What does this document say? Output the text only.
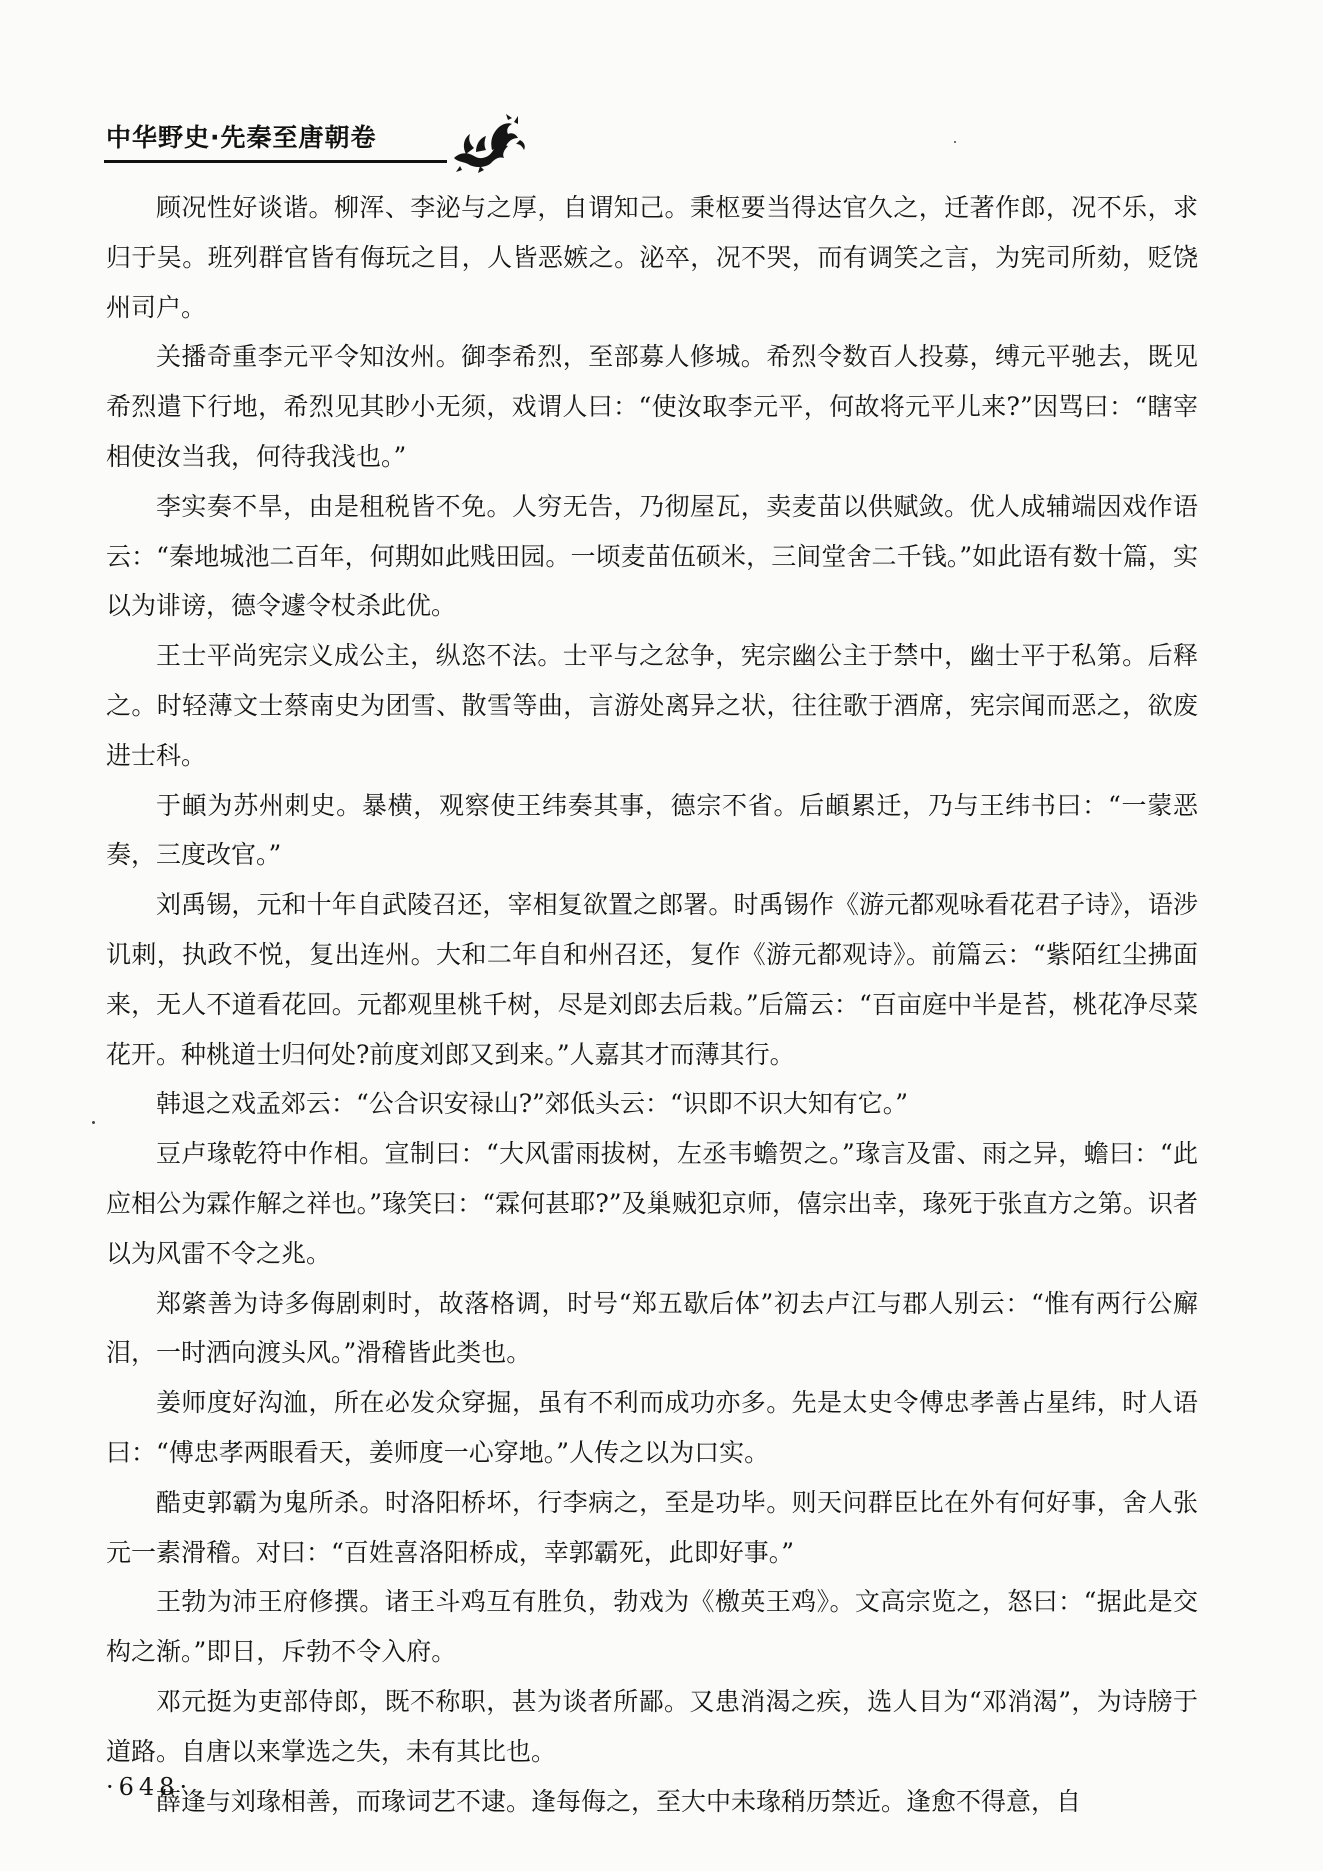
中华野史·先秦至唐朝卷

顾况性好谈谐。柳浑、李泌与之厚，自谓知己。秉枢要当得达官久之，迁著作郎，况不乐，求归于吴。班列群官皆有侮玩之目，人皆恶嫉之。泌卒，况不哭，而有调笑之言，为宪司所劾，贬饶州司户。

关播奇重李元平令知汝州。御李希烈，至部募人修城。希烈令数百人投募，缚元平驰去，既见希烈遣下行地，希烈见其眇小无须，戏谓人曰：“使汝取李元平，何故将元平儿来?”因骂曰：“瞎宰相使汝当我，何待我浅也。”

李实奏不旱，由是租税皆不免。人穷无告，乃彻屋瓦，卖麦苗以供赋敛。优人成辅端因戏作语云：“秦地城池二百年，何期如此贱田园。一顷麦苗伍硕米，三间堂舍二千钱。”如此语有数十篇，实以为诽谤，德令遽令杖杀此优。

王士平尚宪宗义成公主，纵恣不法。士平与之忿争，宪宗幽公主于禁中，幽士平于私第。后释之。时轻薄文士蔡南史为团雪、散雪等曲，言游处离异之状，往往歌于酒席，宪宗闻而恶之，欲废进士科。

于頔为苏州刺史。暴横，观察使王纬奏其事，德宗不省。后頔累迁，乃与王纬书曰：“一蒙恶奏，三度改官。”

刘禹锡，元和十年自武陵召还，宰相复欲置之郎署。时禹锡作《游元都观咏看花君子诗》，语涉讥刺，执政不悦，复出连州。大和二年自和州召还，复作《游元都观诗》。前篇云：“紫陌红尘拂面来，无人不道看花回。元都观里桃千树，尽是刘郎去后栽。”后篇云：“百亩庭中半是苔，桃花净尽菜花开。种桃道士归何处?前度刘郎又到来。”人嘉其才而薄其行。

韩退之戏孟郊云：“公合识安禄山?”郊低头云：“识即不识大知有它。”

豆卢瑑乾符中作相。宣制曰：“大风雷雨拔树，左丞韦蟾贺之。”瑑言及雷、雨之异，蟾曰：“此应相公为霖作解之祥也。”瑑笑曰：“霖何甚耶?”及巢贼犯京师，僖宗出幸，瑑死于张直方之第。识者以为风雷不令之兆。

郑綮善为诗多侮剧刺时，故落格调，时号“郑五歇后体”初去卢江与郡人别云：“惟有两行公廨泪，一时洒向渡头风。”滑稽皆此类也。

姜师度好沟洫，所在必发众穿掘，虽有不利而成功亦多。先是太史令傅忠孝善占星纬，时人语曰：“傅忠孝两眼看天，姜师度一心穿地。”人传之以为口实。

酷吏郭霸为鬼所杀。时洛阳桥坏，行李病之，至是功毕。则天问群臣比在外有何好事，舍人张元一素滑稽。对曰：“百姓喜洛阳桥成，幸郭霸死，此即好事。”

王勃为沛王府修撰。诸王斗鸡互有胜负，勃戏为《檄英王鸡》。文高宗览之，怒曰：“据此是交构之渐。”即日，斥勃不令入府。

邓元挺为吏部侍郎，既不称职，甚为谈者所鄙。又患消渴之疾，选人目为“邓消渴”，为诗牓于道路。自唐以来掌选之失，未有其比也。

薛逢与刘瑑相善，而瑑词艺不逮。逢每侮之，至大中未瑑稍历禁近。逢愈不得意，自

·648·
